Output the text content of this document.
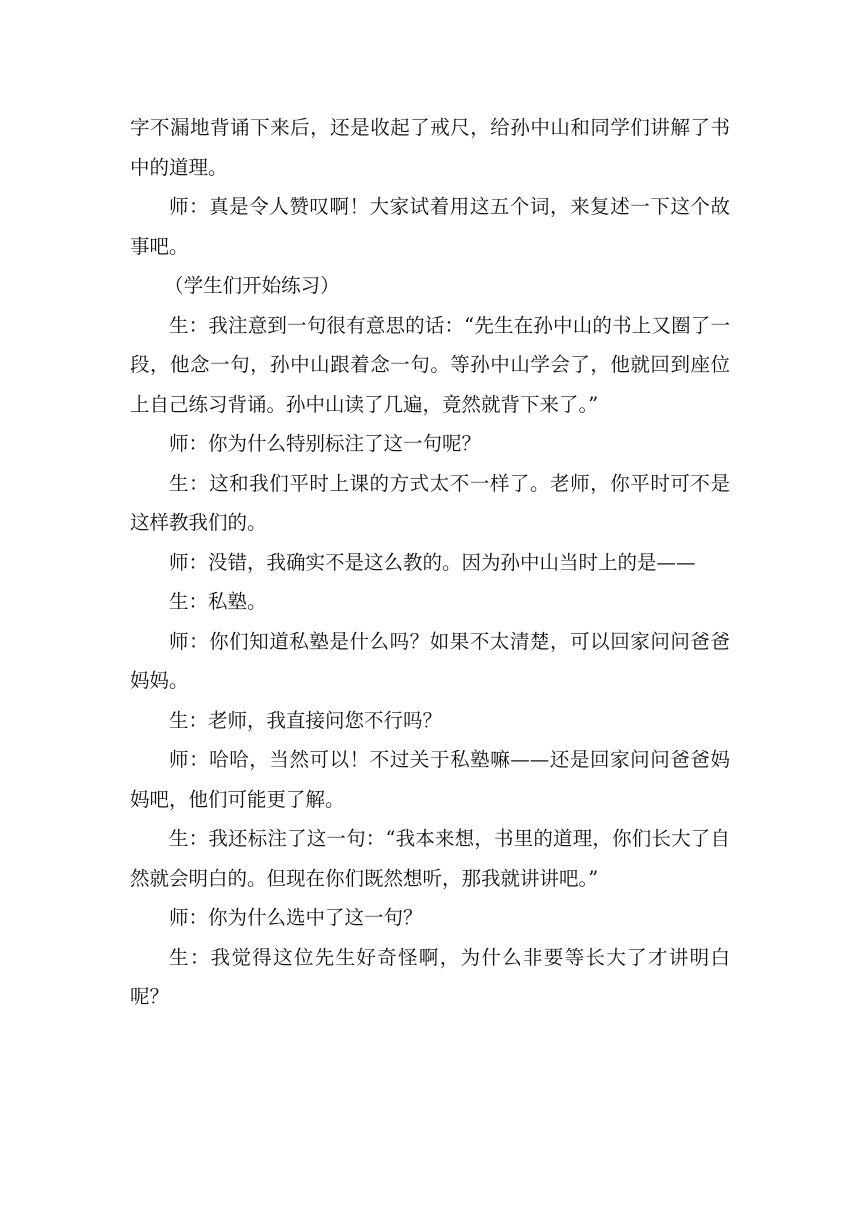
字不漏地背诵下来后，还是收起了戒尺，给孙中山和同学们讲解了书中的道理。

师：真是令人赞叹啊！大家试着用这五个词，来复述一下这个故事吧。

（学生们开始练习）

生：我注意到一句很有意思的话：“先生在孙中山的书上又圈了一段，他念一句，孙中山跟着念一句。等孙中山学会了，他就回到座位上自己练习背诵。孙中山读了几遍，竟然就背下来了。”

师：你为什么特别标注了这一句呢？

生：这和我们平时上课的方式太不一样了。老师，你平时可不是这样教我们的。

师：没错，我确实不是这么教的。因为孙中山当时上的是——

生：私塾。

师：你们知道私塾是什么吗？如果不太清楚，可以回家问问爸爸妈妈。

生：老师，我直接问您不行吗？

师：哈哈，当然可以！不过关于私塾嘛——还是回家问问爸爸妈妈吧，他们可能更了解。

生：我还标注了这一句：“我本来想，书里的道理，你们长大了自然就会明白的。但现在你们既然想听，那我就讲讲吧。”

师：你为什么选中了这一句？

生：我觉得这位先生好奇怪啊，为什么非要等长大了才讲明白呢？
